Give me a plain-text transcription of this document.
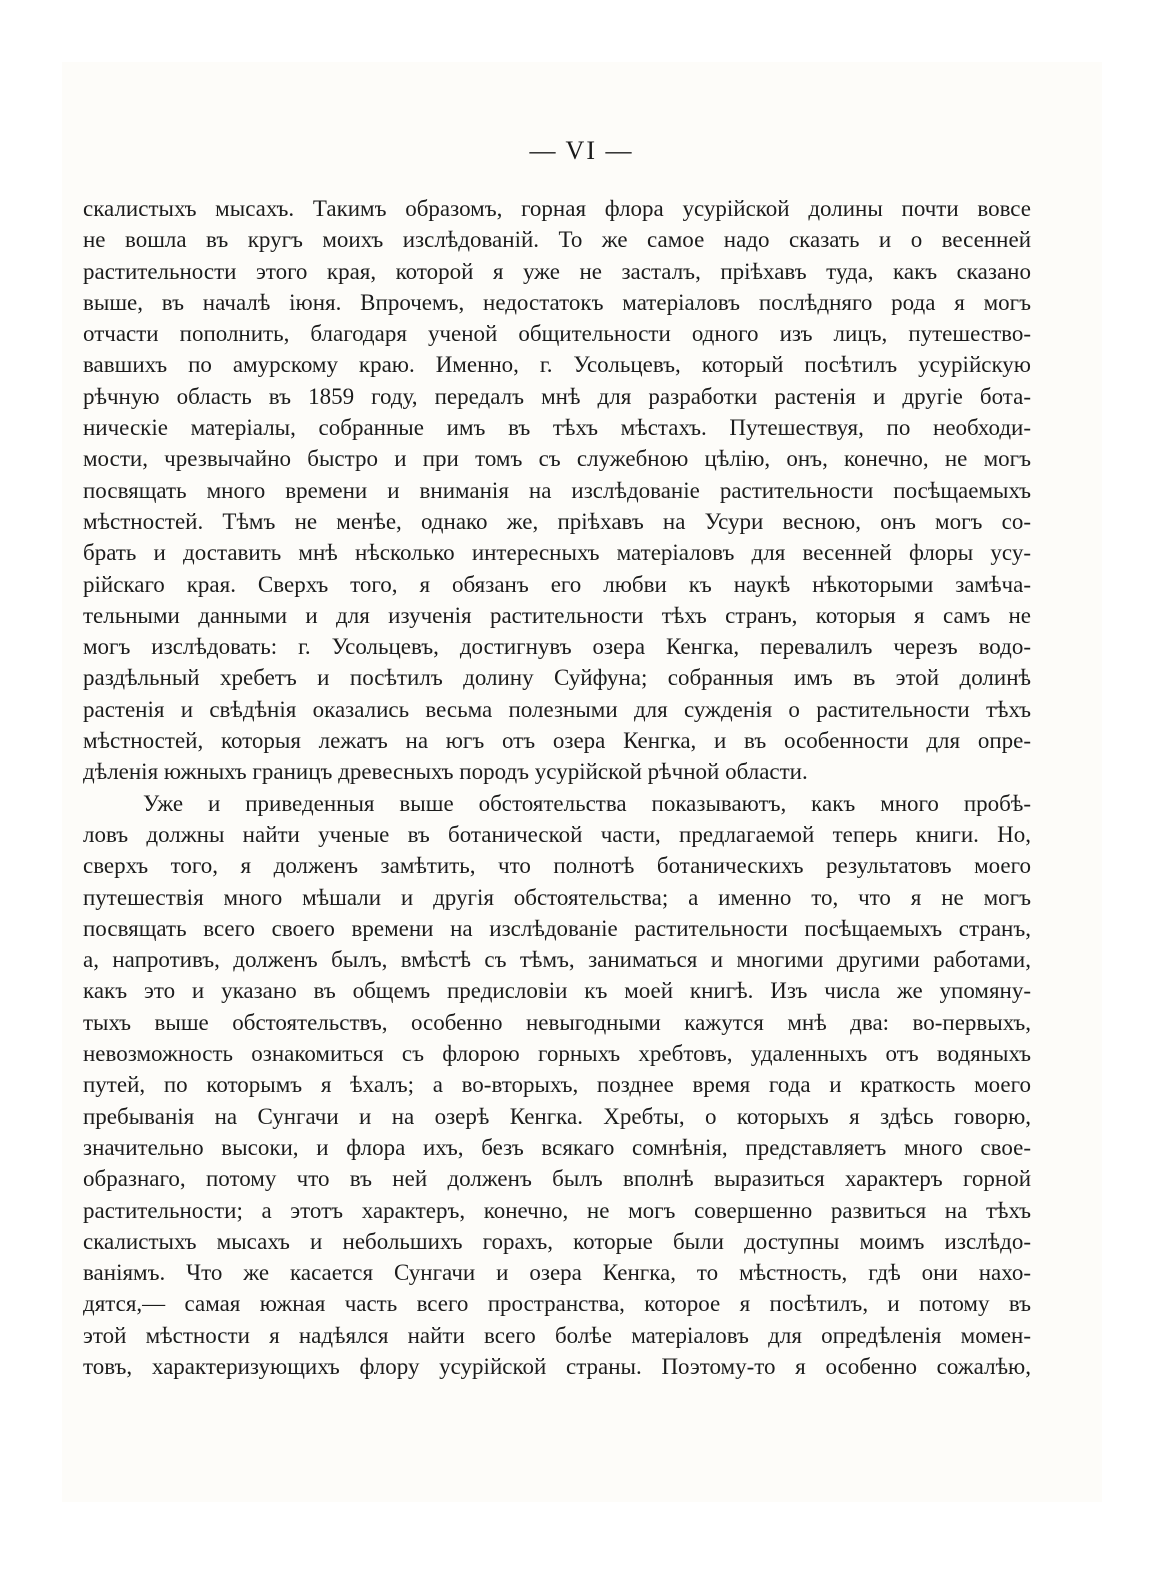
— VI —
скалистыхъ мысахъ. Такимъ образомъ, горная флора усурійской долины почти вовсе
не вошла въ кругъ моихъ изслѣдованій. То же самое надо сказать и о весенней
растительности этого края, которой я уже не засталъ, пріѣхавъ туда, какъ сказано
выше, въ началѣ іюня. Впрочемъ, недостатокъ матеріаловъ послѣдняго рода я могъ
отчасти пополнить, благодаря ученой общительности одного изъ лицъ, путешество-
вавшихъ по амурскому краю. Именно, г. Усольцевъ, который посѣтилъ усурійскую
рѣчную область въ 1859 году, передалъ мнѣ для разработки растенія и другіе бота-
ническіе матеріалы, собранные имъ въ тѣхъ мѣстахъ. Путешествуя, по необходи-
мости, чрезвычайно быстро и при томъ съ служебною цѣлію, онъ, конечно, не могъ
посвящать много времени и вниманія на изслѣдованіе растительности посѣщаемыхъ
мѣстностей. Тѣмъ не менѣе, однако же, пріѣхавъ на Усури весною, онъ могъ со-
брать и доставить мнѣ нѣсколько интересныхъ матеріаловъ для весенней флоры усу-
рійскаго края. Сверхъ того, я обязанъ его любви къ наукѣ нѣкоторыми замѣча-
тельными данными и для изученія растительности тѣхъ странъ, которыя я самъ не
могъ изслѣдовать: г. Усольцевъ, достигнувъ озера Кенгка, перевалилъ черезъ водо-
раздѣльный хребетъ и посѣтилъ долину Суйфуна; собранныя имъ въ этой долинѣ
растенія и свѣдѣнія оказались весьма полезными для сужденія о растительности тѣхъ
мѣстностей, которыя лежатъ на югъ отъ озера Кенгка, и въ особенности для опре-
дѣленія южныхъ границъ древесныхъ породъ усурійской рѣчной области.
Уже и приведенныя выше обстоятельства показываютъ, какъ много пробѣ-
ловъ должны найти ученые въ ботанической части, предлагаемой теперь книги. Но,
сверхъ того, я долженъ замѣтить, что полнотѣ ботаническихъ результатовъ моего
путешествія много мѣшали и другія обстоятельства; а именно то, что я не могъ
посвящать всего своего времени на изслѣдованіе растительности посѣщаемыхъ странъ,
а, напротивъ, долженъ былъ, вмѣстѣ съ тѣмъ, заниматься и многими другими работами,
какъ это и указано въ общемъ предисловіи къ моей книгѣ. Изъ числа же упомяну-
тыхъ выше обстоятельствъ, особенно невыгодными кажутся мнѣ два: во-первыхъ,
невозможность ознакомиться съ флорою горныхъ хребтовъ, удаленныхъ отъ водяныхъ
путей, по которымъ я ѣхалъ; а во-вторыхъ, позднее время года и краткость моего
пребыванія на Сунгачи и на озерѣ Кенгка. Хребты, о которыхъ я здѣсь говорю,
значительно высоки, и флора ихъ, безъ всякаго сомнѣнія, представляетъ много свое-
образнаго, потому что въ ней долженъ былъ вполнѣ выразиться характеръ горной
растительности; а этотъ характеръ, конечно, не могъ совершенно развиться на тѣхъ
скалистыхъ мысахъ и небольшихъ горахъ, которые были доступны моимъ изслѣдо-
ваніямъ. Что же касается Сунгачи и озера Кенгка, то мѣстность, гдѣ они нахо-
дятся,— самая южная часть всего пространства, которое я посѣтилъ, и потому въ
этой мѣстности я надѣялся найти всего болѣе матеріаловъ для опредѣленія момен-
товъ, характеризующихъ флору усурійской страны. Поэтому-то я особенно сожалѣю,
